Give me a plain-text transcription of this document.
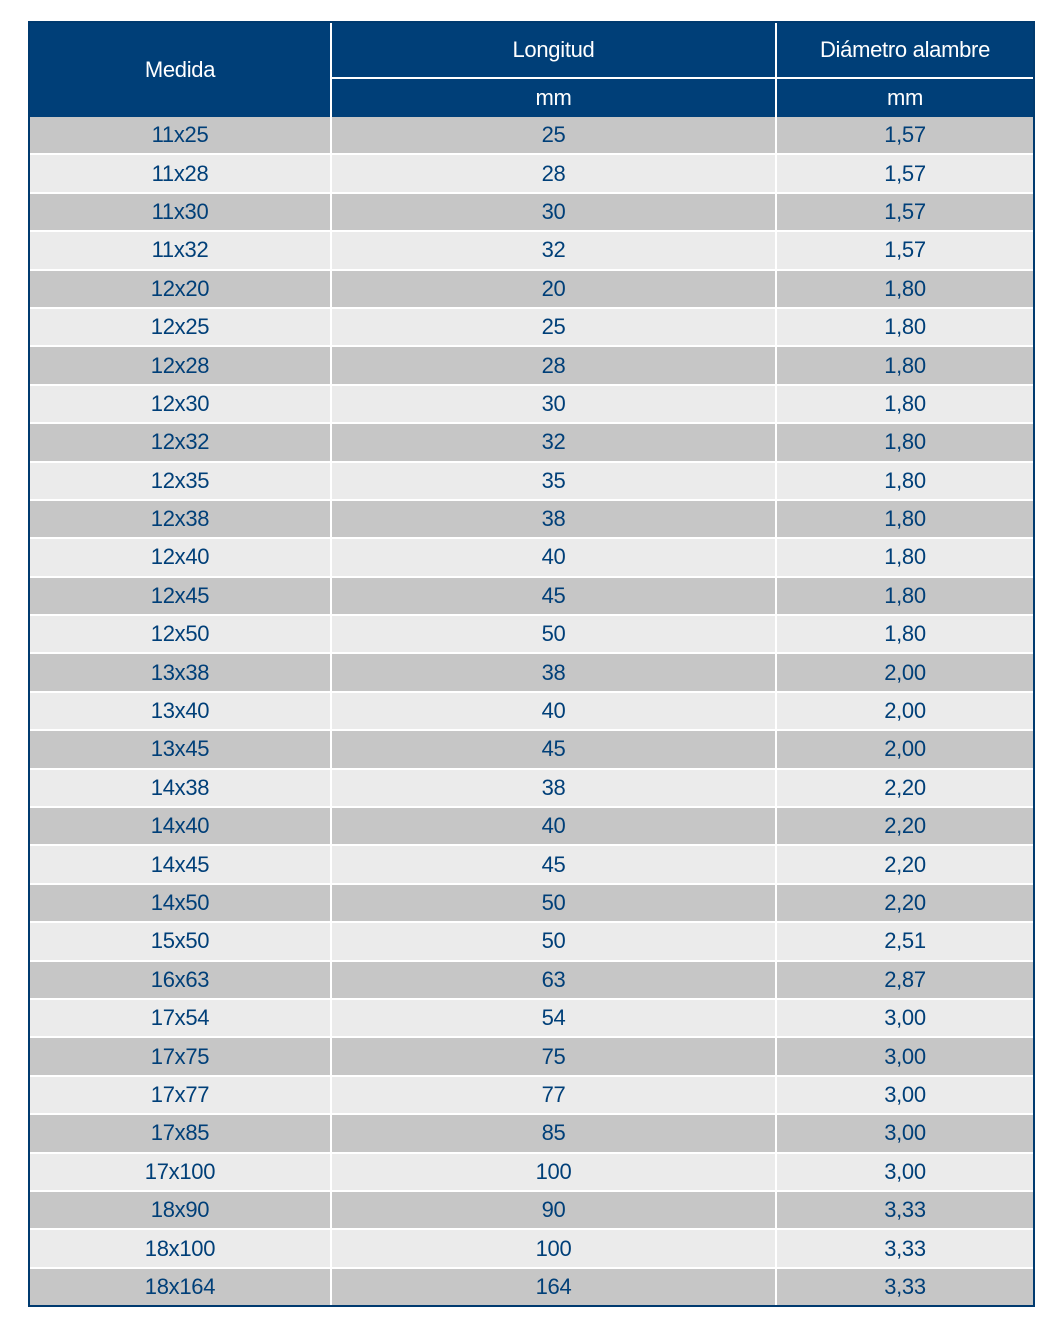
Medida	Longitud	Diámetro alambre
	mm	mm
11x25	25	1,57
11x28	28	1,57
11x30	30	1,57
11x32	32	1,57
12x20	20	1,80
12x25	25	1,80
12x28	28	1,80
12x30	30	1,80
12x32	32	1,80
12x35	35	1,80
12x38	38	1,80
12x40	40	1,80
12x45	45	1,80
12x50	50	1,80
13x38	38	2,00
13x40	40	2,00
13x45	45	2,00
14x38	38	2,20
14x40	40	2,20
14x45	45	2,20
14x50	50	2,20
15x50	50	2,51
16x63	63	2,87
17x54	54	3,00
17x75	75	3,00
17x77	77	3,00
17x85	85	3,00
17x100	100	3,00
18x90	90	3,33
18x100	100	3,33
18x164	164	3,33
